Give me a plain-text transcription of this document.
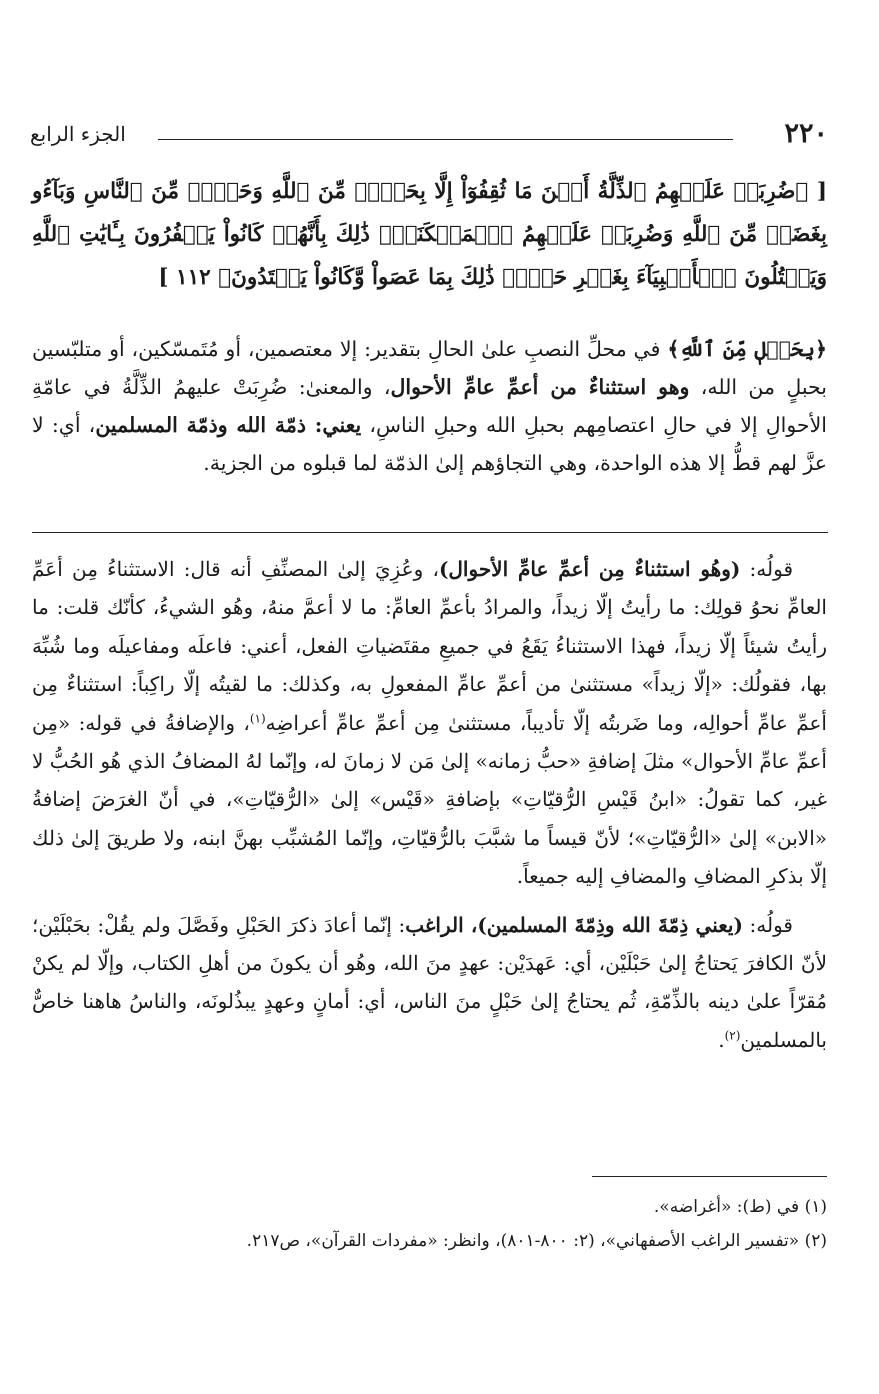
٢٢٠
الجزء الرابع
[ ﴿ضُرِبَتۡ عَلَيۡهِمُ ٱلذِّلَّةُ أَيۡنَ مَا ثُقِفُوٓاْ إِلَّا بِحَبۡلٖ مِّنَ ٱللَّهِ وَحَبۡلٖ مِّنَ ٱلنَّاسِ وَبَآءُو بِغَضَبٖ مِّنَ ٱللَّهِ وَضُرِبَتۡ عَلَيۡهِمُ ٱلۡمَسۡكَنَةُۚ ذَٰلِكَ بِأَنَّهُمۡ كَانُواْ يَكۡفُرُونَ بِـَٔايَٰتِ ٱللَّهِ وَيَقۡتُلُونَ ٱلۡأَنۢبِيَآءَ بِغَيۡرِ حَقّٖۚ ذَٰلِكَ بِمَا عَصَواْ وَّكَانُواْ يَعۡتَدُونَ﴾ ١١٢ ]
﴿بِحَبۡلٖ مِّنَ ٱللَّهِ﴾ في محلِّ النصبِ علىٰ الحالِ بتقدير: إلا معتصمين، أو مُتَمسّكين، أو متلبّسين بحبلٍ من الله، وهو استثناءٌ من أعمِّ عامِّ الأحوال، والمعنىٰ: ضُرِبَتْ عليهمُ الذِّلَّةُ في عامّةِ الأحوالِ إلا في حالِ اعتصامِهم بحبلِ الله وحبلِ الناسِ، يعني: ذمّة الله وذمّة المسلمين، أي: لا عزَّ لهم قطُّ إلا هذه الواحدة، وهي التجاؤهم إلىٰ الذمّة لما قبلوه من الجزية.

قولُه: (وهُو استثناءٌ مِن أعمِّ عامِّ الأحوال)، وعُزِيَ إلىٰ المصنِّفِ أنه قال: الاستثناءُ مِن أعَمِّ العامِّ نحوُ قولِك: ما رأيتُ إلّا زيداً، والمرادُ بأعمِّ العامِّ: ما لا أعمَّ منهُ، وهُو الشيءُ، كأنّك قلت: ما رأيتُ شيئاً إلّا زيداً، فهذا الاستثناءُ يَقَعُ في جميعِ مقتَضياتِ الفعل، أعني: فاعلَه ومفاعيلَه وما شُبِّهَ بها، فقولُك: «إلّا زيداً» مستثنىٰ من أعمِّ عامِّ المفعولِ به، وكذلك: ما لقيتُه إلّا راكِباً: استثناءٌ مِن أعمِّ عامِّ أحوالِه، وما ضَربتُه إلّا تأديباً، مستثنىٰ مِن أعمِّ عامِّ أعراضِه$^{(١)}$، والإضافةُ في قوله: «مِن أعمِّ عامِّ الأحوال» مثلَ إضافةِ «حبُّ زمانه» إلىٰ مَن لا زمانَ له، وإنّما لهُ المضافُ الذي هُو الحُبُّ لا غير، كما تقولُ: «ابنُ قَيْسِ الرُّقيّاتِ» بإضافةِ «قَيْس» إلىٰ «الرُّقيّاتِ»، في أنّ الغرَضَ إضافةُ «الابن» إلىٰ «الرُّقيّاتِ»؛ لأنّ قيساً ما شبَّبَ بالرُّقيّاتِ، وإنّما المُشبِّب بهنَّ ابنه، ولا طريقَ إلىٰ ذلك إلّا بذكرِ المضافِ والمضافِ إليه جميعاً.

قولُه: (يعني ذِمّةَ الله وذِمّةَ المسلمين)، الراغب: إنّما أعادَ ذكرَ الحَبْلِ وفَصَّلَ ولم يقُلْ: بحَبْلَيْن؛ لأنّ الكافرَ يَحتاجُ إلىٰ حَبْلَيْن، أي: عَهدَيْن: عهدٍ منَ الله، وهُو أن يكونَ من أهلِ الكتاب، وإلّا لم يكنْ مُقرّاً علىٰ دينه بالذِّمّةِ، ثُم يحتاجُ إلىٰ حَبْلٍ منَ الناس، أي: أمانٍ وعهدٍ يبذُلونَه، والناسُ هاهنا خاصٌّ بالمسلمين$^{(٢)}$.

(١) في (ط): «أغراضه».

(٢) «تفسير الراغب الأصفهاني»، (٢: ٨٠٠-٨٠١)، وانظر: «مفردات القرآن»، ص٢١٧.
